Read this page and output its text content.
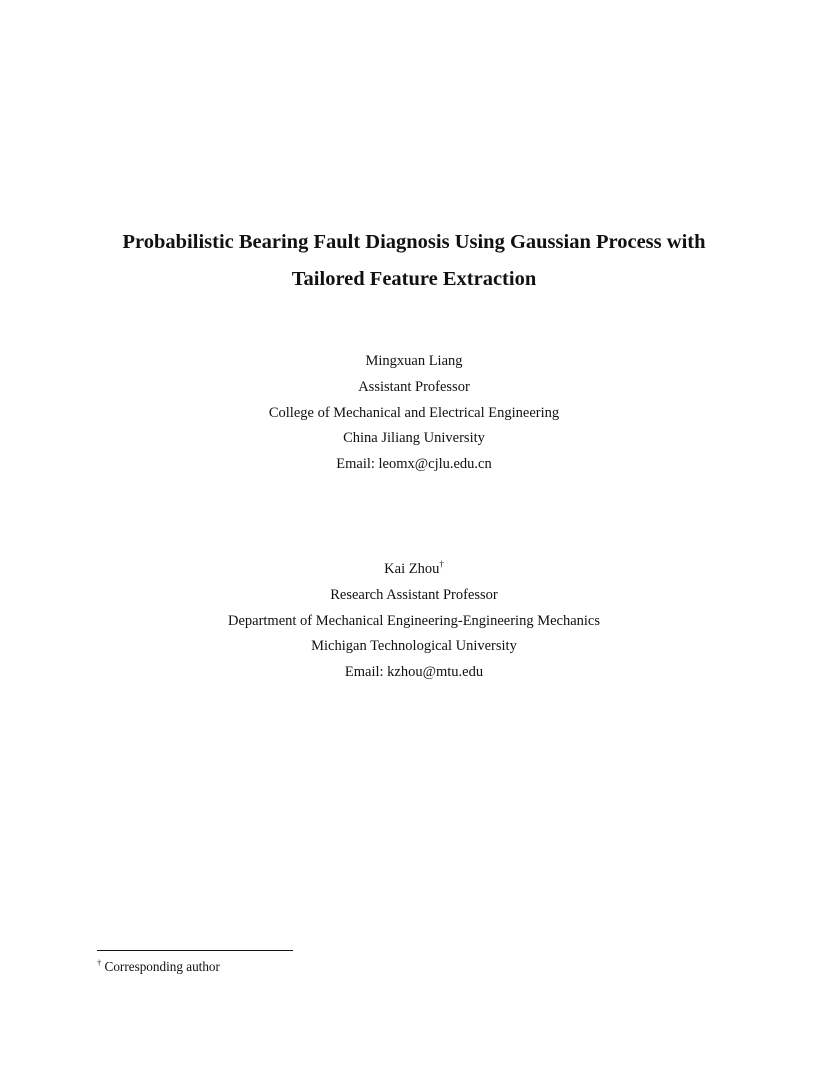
Probabilistic Bearing Fault Diagnosis Using Gaussian Process with
Tailored Feature Extraction
Mingxuan Liang
Assistant Professor
College of Mechanical and Electrical Engineering
China Jiliang University
Email: leomx@cjlu.edu.cn
Kai Zhou†
Research Assistant Professor
Department of Mechanical Engineering-Engineering Mechanics
Michigan Technological University
Email: kzhou@mtu.edu
† Corresponding author
